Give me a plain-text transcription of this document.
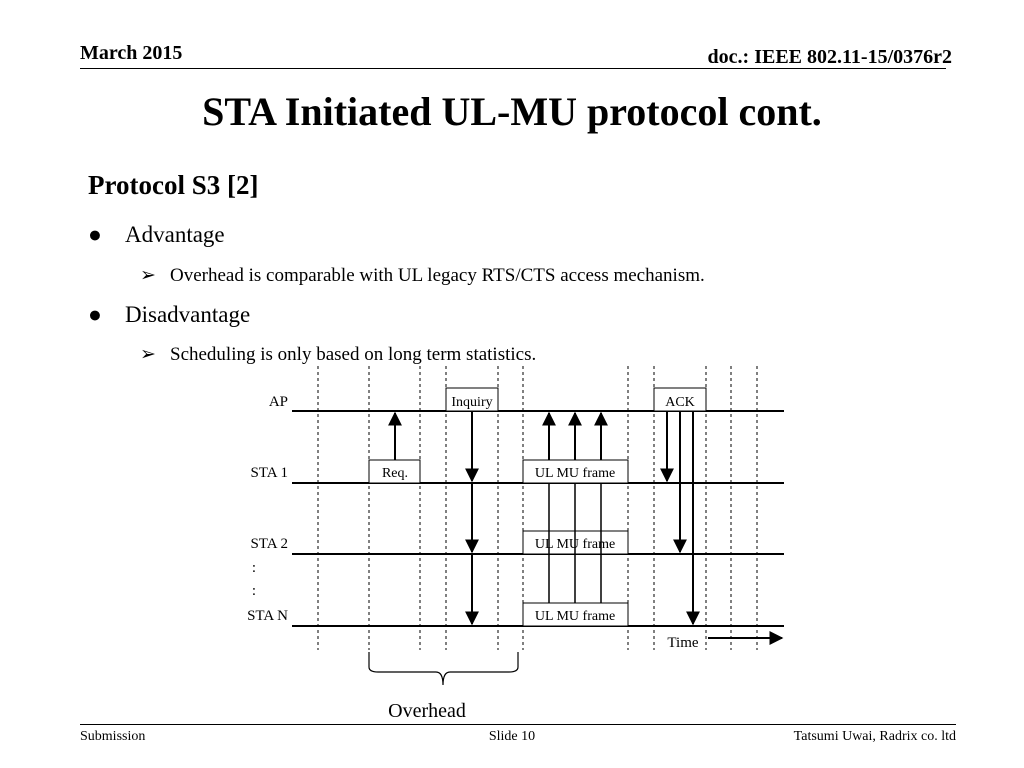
March 2015	doc.: IEEE 802.11-15/0376r2
STA Initiated UL-MU protocol cont.
Protocol S3 [2]
● Advantage
➢ Overhead is comparable with UL legacy RTS/CTS access mechanism.
● Disadvantage
➢ Scheduling is only based on long term statistics.
AP
STA 1
STA 2
:
:
STA N
Inquiry	ACK
Req.	UL MU frame
UL MU frame
UL MU frame
Time
Overhead
Submission	Slide 10	Tatsumi Uwai, Radrix co. ltd
